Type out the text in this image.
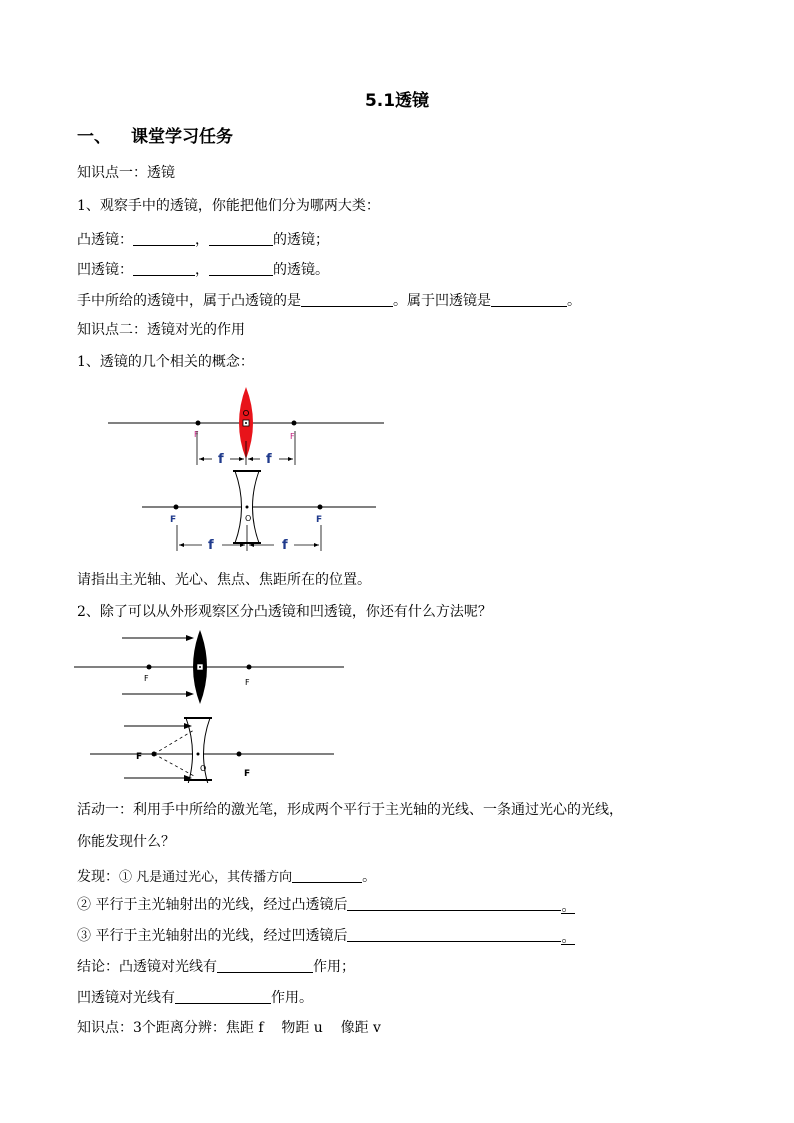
5.1透镜
一、 课堂学习任务
知识点一：透镜
1、观察手中的透镜，你能把他们分为哪两大类：
凸透镜：	，	的透镜；
凹透镜：	，	的透镜。
手中所给的透镜中，属于凸透镜的是	。属于凹透镜是	。
知识点二：透镜对光的作用
1、透镜的几个相关的概念：
F	F
f	f
O
F	F
f	f
请指出主光轴、光心、焦点、焦距所在的位置。
2、除了可以从外形观察区分凸透镜和凹透镜，你还有什么方法呢？
F	F
F
O
F
活动一：利用手中所给的激光笔，形成两个平行于主光轴的光线、一条通过光心的光线，
你能发现什么？
发现：① 凡是通过光心，其传播方向	。
② 平行于主光轴射出的光线，经过凸透镜后	。
③ 平行于主光轴射出的光线，经过凹透镜后	。
结论：凸透镜对光线有	作用；
凹透镜对光线有	作用。
知识点：3个距离分辨：焦距 f    物距 u    像距 v
